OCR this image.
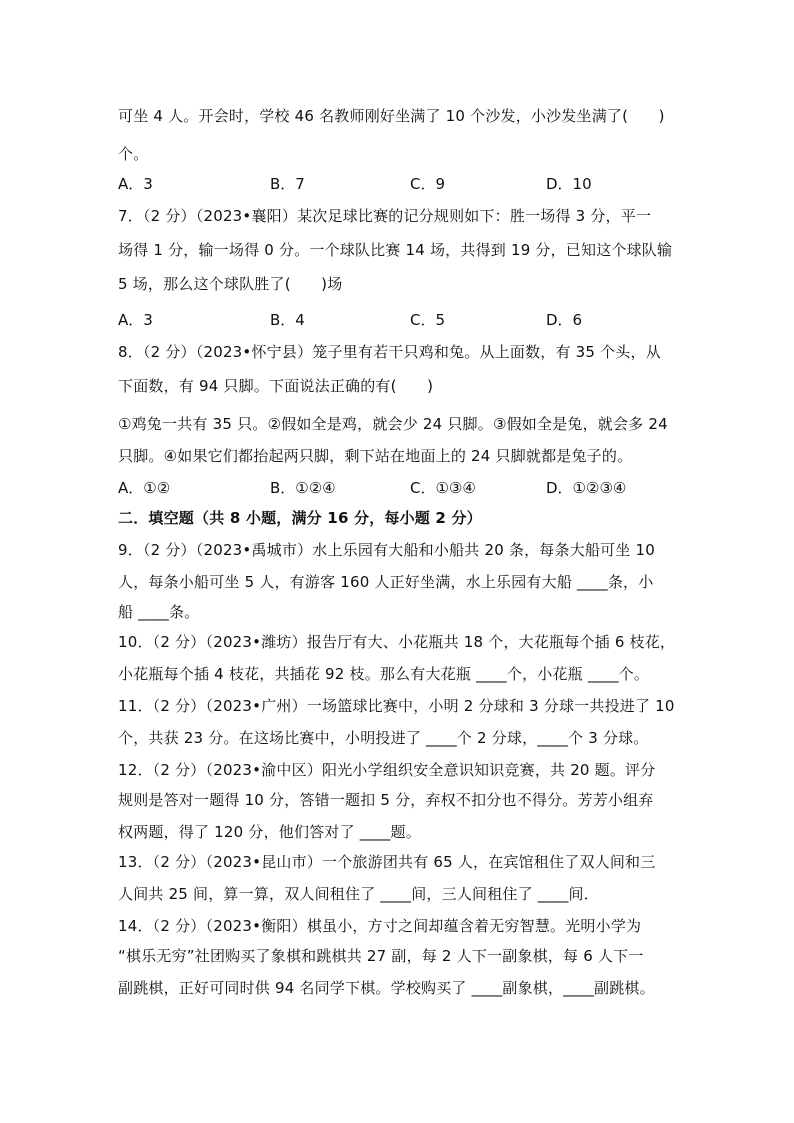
可坐 4 人。开会时，学校 46 名教师刚好坐满了 10 个沙发，小沙发坐满了(　　)
个。
A．3	B．7	C．9	D．10
7．（2 分）（2023•襄阳）某次足球比赛的记分规则如下：胜一场得 3 分，平一
场得 1 分，输一场得 0 分。一个球队比赛 14 场，共得到 19 分，已知这个球队输
5 场，那么这个球队胜了(　　)场
A．3	B．4	C．5	D．6
8．（2 分）（2023•怀宁县）笼子里有若干只鸡和兔。从上面数，有 35 个头，从
下面数，有 94 只脚。下面说法正确的有(　　)
①鸡兔一共有 35 只。②假如全是鸡，就会少 24 只脚。③假如全是兔，就会多 24
只脚。④如果它们都抬起两只脚，剩下站在地面上的 24 只脚就都是兔子的。
A．①②	B．①②④	C．①③④	D．①②③④
二．填空题（共 8 小题，满分 16 分，每小题 2 分）
9．（2 分）（2023•禹城市）水上乐园有大船和小船共 20 条，每条大船可坐 10
人，每条小船可坐 5 人，有游客 160 人正好坐满，水上乐园有大船 ____条，小
船 ____条。
10．（2 分）（2023•潍坊）报告厅有大、小花瓶共 18 个，大花瓶每个插 6 枝花，
小花瓶每个插 4 枝花，共插花 92 枝。那么有大花瓶 ____个，小花瓶 ____个。
11．（2 分）（2023•广州）一场篮球比赛中，小明 2 分球和 3 分球一共投进了 10
个，共获 23 分。在这场比赛中，小明投进了 ____个 2 分球，____个 3 分球。
12．（2 分）（2023•渝中区）阳光小学组织安全意识知识竞赛，共 20 题。评分
规则是答对一题得 10 分，答错一题扣 5 分，弃权不扣分也不得分。芳芳小组弃
权两题，得了 120 分，他们答对了 ____题。
13．（2 分）（2023•昆山市）一个旅游团共有 65 人，在宾馆租住了双人间和三
人间共 25 间，算一算，双人间租住了 ____间，三人间租住了 ____间．
14．（2 分）（2023•衡阳）棋虽小，方寸之间却蕴含着无穷智慧。光明小学为
“棋乐无穷”社团购买了象棋和跳棋共 27 副，每 2 人下一副象棋，每 6 人下一
副跳棋，正好可同时供 94 名同学下棋。学校购买了 ____副象棋，____副跳棋。
